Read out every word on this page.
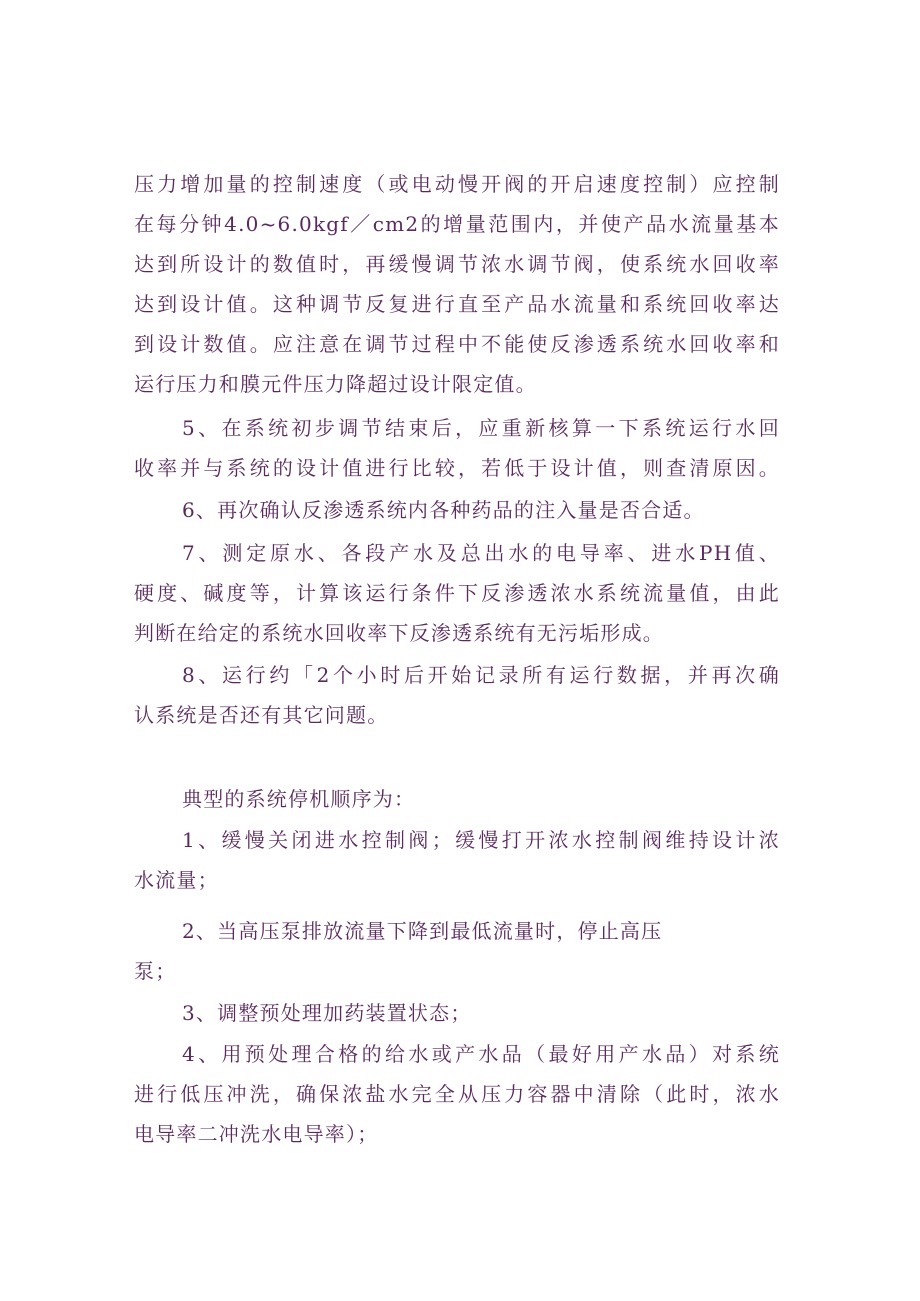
压力增加量的控制速度（或电动慢开阀的开启速度控制）应控制
在每分钟4.0~6.0kgf／cm2的增量范围内，并使产品水流量基本
达到所设计的数值时，再缓慢调节浓水调节阀，使系统水回收率
达到设计值。这种调节反复进行直至产品水流量和系统回收率达
到设计数值。应注意在调节过程中不能使反渗透系统水回收率和
运行压力和膜元件压力降超过设计限定值。
5、在系统初步调节结束后，应重新核算一下系统运行水回
收率并与系统的设计值进行比较，若低于设计值，则查清原因。
6、再次确认反渗透系统内各种药品的注入量是否合适。
7、测定原水、各段产水及总出水的电导率、进水PH值、
硬度、碱度等，计算该运行条件下反渗透浓水系统流量值，由此
判断在给定的系统水回收率下反渗透系统有无污垢形成。
8、运行约「2个小时后开始记录所有运行数据，并再次确
认系统是否还有其它问题。
典型的系统停机顺序为：
1、缓慢关闭进水控制阀；缓慢打开浓水控制阀维持设计浓
水流量；
2、当高压泵排放流量下降到最低流量时，停止高压
泵；
3、调整预处理加药装置状态；
4、用预处理合格的给水或产水品（最好用产水品）对系统
进行低压冲洗，确保浓盐水完全从压力容器中清除（此时，浓水
电导率二冲洗水电导率）；
